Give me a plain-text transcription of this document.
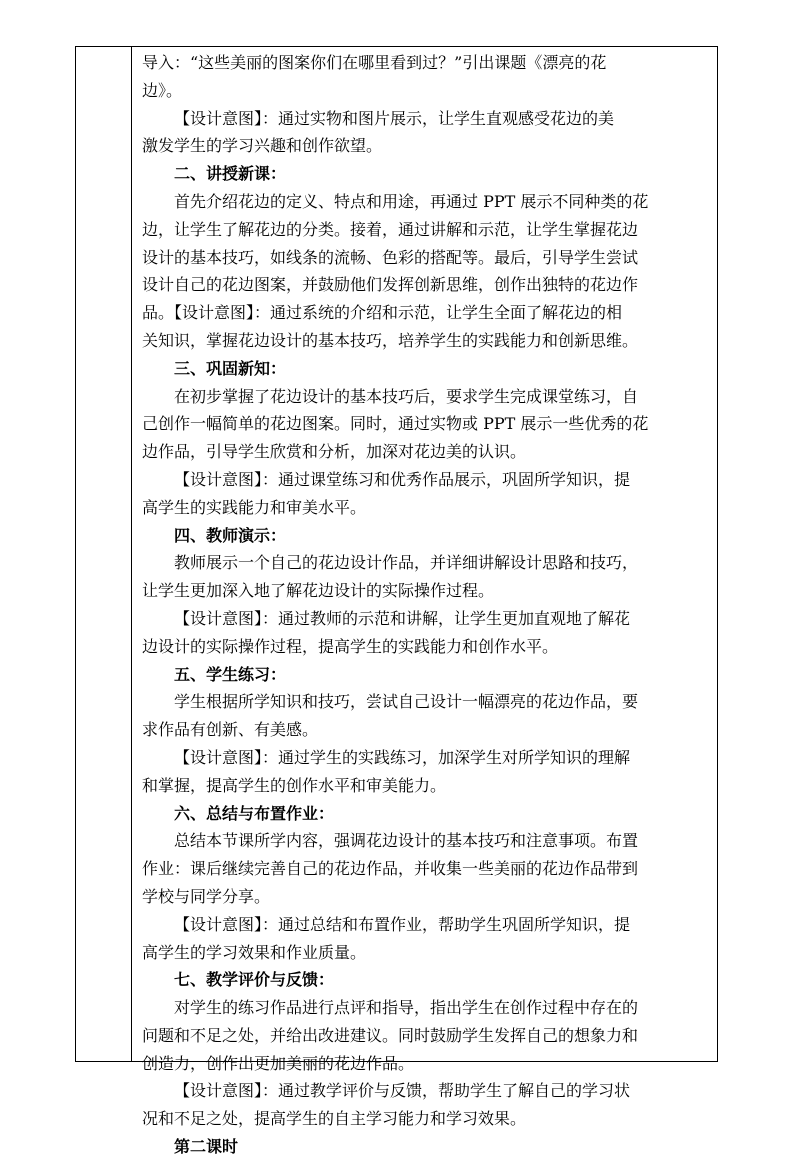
导入：“这些美丽的图案你们在哪里看到过？”引出课题《漂亮的花
边》。
【设计意图】：通过实物和图片展示，让学生直观感受花边的美
激发学生的学习兴趣和创作欲望。
二、讲授新课：
首先介绍花边的定义、特点和用途，再通过 PPT 展示不同种类的花
边，让学生了解花边的分类。接着，通过讲解和示范，让学生掌握花边
设计的基本技巧，如线条的流畅、色彩的搭配等。最后，引导学生尝试
设计自己的花边图案，并鼓励他们发挥创新思维，创作出独特的花边作
品。【设计意图】：通过系统的介绍和示范，让学生全面了解花边的相
关知识，掌握花边设计的基本技巧，培养学生的实践能力和创新思维。
三、巩固新知：
在初步掌握了花边设计的基本技巧后，要求学生完成课堂练习，自
己创作一幅简单的花边图案。同时，通过实物或 PPT 展示一些优秀的花
边作品，引导学生欣赏和分析，加深对花边美的认识。
【设计意图】：通过课堂练习和优秀作品展示，巩固所学知识，提
高学生的实践能力和审美水平。
四、教师演示：
教师展示一个自己的花边设计作品，并详细讲解设计思路和技巧，
让学生更加深入地了解花边设计的实际操作过程。
【设计意图】：通过教师的示范和讲解，让学生更加直观地了解花
边设计的实际操作过程，提高学生的实践能力和创作水平。
五、学生练习：
学生根据所学知识和技巧，尝试自己设计一幅漂亮的花边作品，要
求作品有创新、有美感。
【设计意图】：通过学生的实践练习，加深学生对所学知识的理解
和掌握，提高学生的创作水平和审美能力。
六、总结与布置作业：
总结本节课所学内容，强调花边设计的基本技巧和注意事项。布置
作业：课后继续完善自己的花边作品，并收集一些美丽的花边作品带到
学校与同学分享。
【设计意图】：通过总结和布置作业，帮助学生巩固所学知识，提
高学生的学习效果和作业质量。
七、教学评价与反馈：
对学生的练习作品进行点评和指导，指出学生在创作过程中存在的
问题和不足之处，并给出改进建议。同时鼓励学生发挥自己的想象力和
创造力，创作出更加美丽的花边作品。
【设计意图】：通过教学评价与反馈，帮助学生了解自己的学习状
况和不足之处，提高学生的自主学习能力和学习效果。
第二课时
